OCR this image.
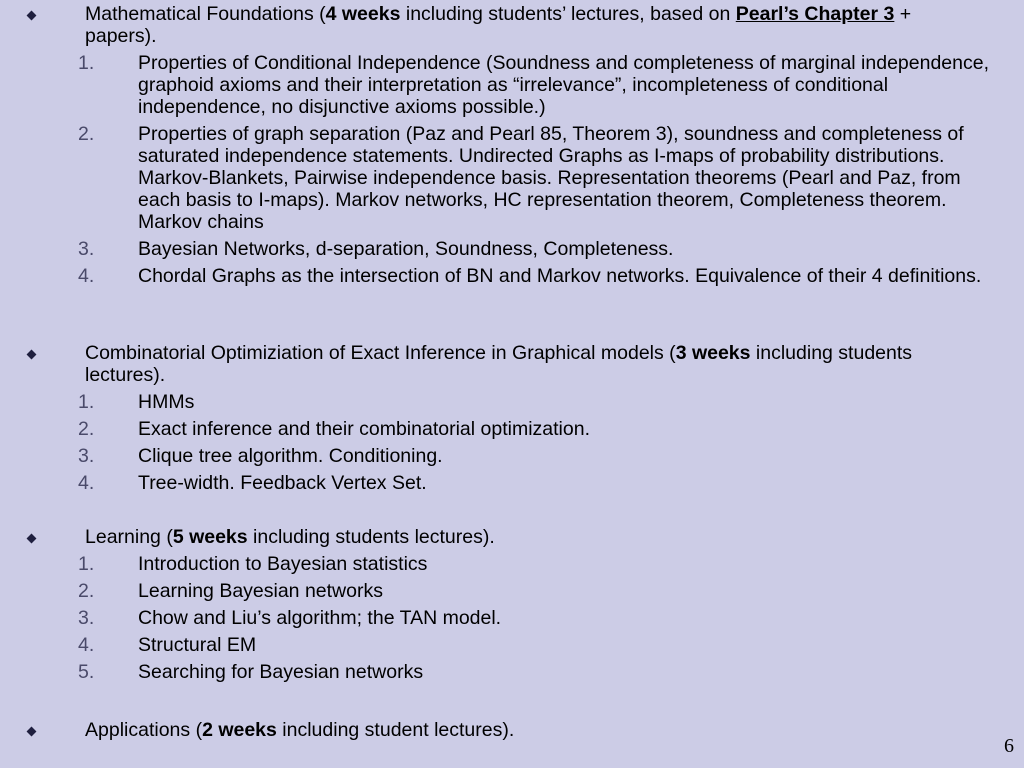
Mathematical Foundations (4 weeks including students’ lectures, based on Pearl’s Chapter 3 + papers).
1.	Properties of Conditional Independence (Soundness and completeness of marginal independence, graphoid axioms and their interpretation as “irrelevance”, incompleteness of conditional independence, no disjunctive axioms possible.)
2.	Properties of graph separation (Paz and Pearl 85, Theorem 3), soundness and completeness of saturated independence statements. Undirected Graphs as I-maps of probability distributions. Markov-Blankets, Pairwise independence basis. Representation theorems (Pearl and Paz, from each basis to I-maps). Markov networks, HC representation theorem, Completeness theorem. Markov chains
3.	Bayesian Networks, d-separation, Soundness, Completeness.
4.	Chordal Graphs as the intersection of BN and Markov networks. Equivalence of their 4 definitions.
Combinatorial Optimiziation of Exact Inference in Graphical models (3 weeks including students lectures).
1.	HMMs
2.	Exact inference and their combinatorial optimization.
3.	Clique tree algorithm. Conditioning.
4.	Tree-width. Feedback Vertex Set.
Learning (5 weeks including students lectures).
1.	Introduction to Bayesian statistics
2.	Learning Bayesian networks
3.	Chow and Liu’s algorithm; the TAN model.
4.	Structural EM
5.	Searching for Bayesian networks
Applications (2 weeks including student lectures).
6
